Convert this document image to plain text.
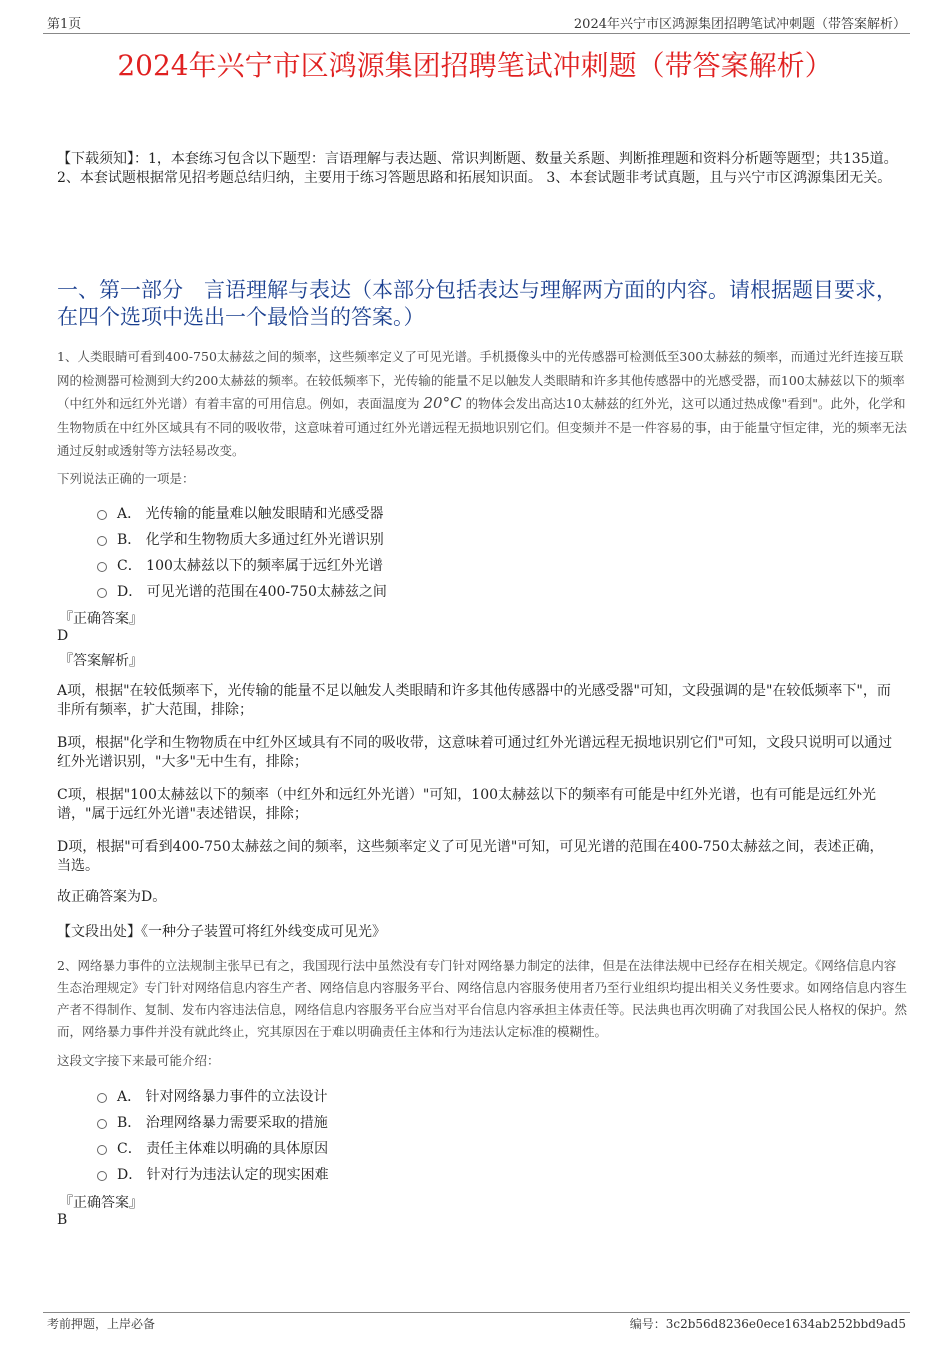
第1页	2024年兴宁市区鸿源集团招聘笔试冲刺题（带答案解析）
2024年兴宁市区鸿源集团招聘笔试冲刺题（带答案解析）
【下载须知】：1，本套练习包含以下题型：言语理解与表达题、常识判断题、数量关系题、判断推理题和资料分析题等题型；共135道。 2、本套试题根据常见招考题总结归纳，主要用于练习答题思路和拓展知识面。 3、本套试题非考试真题，且与兴宁市区鸿源集团无关。
一、第一部分　言语理解与表达（本部分包括表达与理解两方面的内容。请根据题目要求，在四个选项中选出一个最恰当的答案。）
1、人类眼睛可看到400-750太赫兹之间的频率，这些频率定义了可见光谱。手机摄像头中的光传感器可检测低至300太赫兹的频率，而通过光纤连接互联网的检测器可检测到大约200太赫兹的频率。在较低频率下，光传输的能量不足以触发人类眼睛和许多其他传感器中的光感受器，而100太赫兹以下的频率（中红外和远红外光谱）有着丰富的可用信息。例如，表面温度为 20°C 的物体会发出高达10太赫兹的红外光，这可以通过热成像"看到"。此外，化学和生物物质在中红外区域具有不同的吸收带，这意味着可通过红外光谱远程无损地识别它们。但变频并不是一件容易的事，由于能量守恒定律，光的频率无法通过反射或透射等方法轻易改变。
下列说法正确的一项是：
A． 光传输的能量难以触发眼睛和光感受器
B． 化学和生物物质大多通过红外光谱识别
C． 100太赫兹以下的频率属于远红外光谱
D． 可见光谱的范围在400-750太赫兹之间
『正确答案』
D
『答案解析』
A项，根据"在较低频率下，光传输的能量不足以触发人类眼睛和许多其他传感器中的光感受器"可知，文段强调的是"在较低频率下"，而非所有频率，扩大范围，排除；
B项，根据"化学和生物物质在中红外区域具有不同的吸收带，这意味着可通过红外光谱远程无损地识别它们"可知，文段只说明可以通过红外光谱识别，"大多"无中生有，排除；
C项，根据"100太赫兹以下的频率（中红外和远红外光谱）"可知，100太赫兹以下的频率有可能是中红外光谱，也有可能是远红外光谱，"属于远红外光谱"表述错误，排除；
D项，根据"可看到400-750太赫兹之间的频率，这些频率定义了可见光谱"可知，可见光谱的范围在400-750太赫兹之间，表述正确，当选。
故正确答案为D。
【文段出处】《一种分子装置可将红外线变成可见光》
2、网络暴力事件的立法规制主张早已有之，我国现行法中虽然没有专门针对网络暴力制定的法律，但是在法律法规中已经存在相关规定。《网络信息内容生态治理规定》专门针对网络信息内容生产者、网络信息内容服务平台、网络信息内容服务使用者乃至行业组织均提出相关义务性要求。如网络信息内容生产者不得制作、复制、发布内容违法信息，网络信息内容服务平台应当对平台信息内容承担主体责任等。民法典也再次明确了对我国公民人格权的保护。然而，网络暴力事件并没有就此终止，究其原因在于难以明确责任主体和行为违法认定标准的模糊性。
这段文字接下来最可能介绍：
A． 针对网络暴力事件的立法设计
B． 治理网络暴力需要采取的措施
C． 责任主体难以明确的具体原因
D． 针对行为违法认定的现实困难
『正确答案』
B
考前押题，上岸必备	编号：3c2b56d8236e0ece1634ab252bbd9ad5
